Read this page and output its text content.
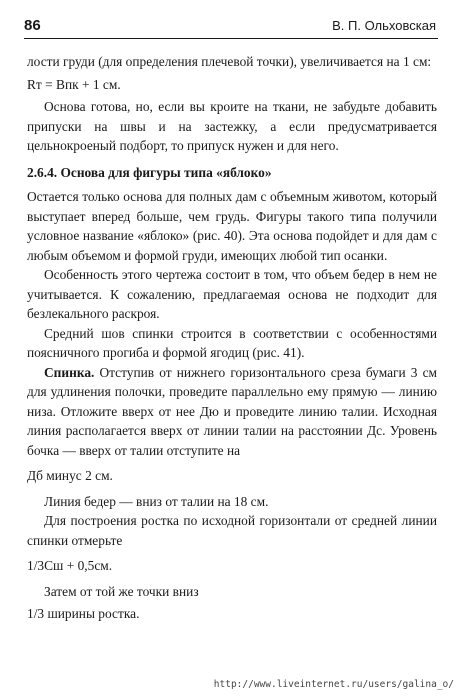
86	В. П. Ольховская

лости груди (для определения плечевой точки), увеличивается на 1 см:

Rт = Впк + 1 см.

Основа готова, но, если вы кроите на ткани, не забудьте добавить припуски на швы и на застежку, а если предусматривается цельнокроеный подборт, то припуск нужен и для него.

2.6.4. Основа для фигуры типа «яблоко»

Остается только основа для полных дам с объемным животом, который выступает вперед больше, чем грудь. Фигуры такого типа получили условное название «яблоко» (рис. 40). Эта основа подойдет и для дам с любым объемом и формой груди, имеющих любой тип осанки.

Особенность этого чертежа состоит в том, что объем бедер в нем не учитывается. К сожалению, предлагаемая основа не подходит для безлекального раскроя.

Средний шов спинки строится в соответствии с особенностями поясничного прогиба и формой ягодиц (рис. 41).

Спинка. Отступив от нижнего горизонтального среза бумаги 3 см для удлинения полочки, проведите параллельно ему прямую — линию низа. Отложите вверх от нее Дю и проведите линию талии. Исходная линия располагается вверх от линии талии на расстоянии Дс. Уровень бочка — вверх от талии отступите на

Дб минус 2 см.

Линия бедер — вниз от талии на 18 см.

Для построения ростка по исходной горизонтали от средней линии спинки отмерьте

1/3Сш + 0,5см.

Затем от той же точки вниз

1/3 ширины ростка.

http://www.liveinternet.ru/users/galina_o/
